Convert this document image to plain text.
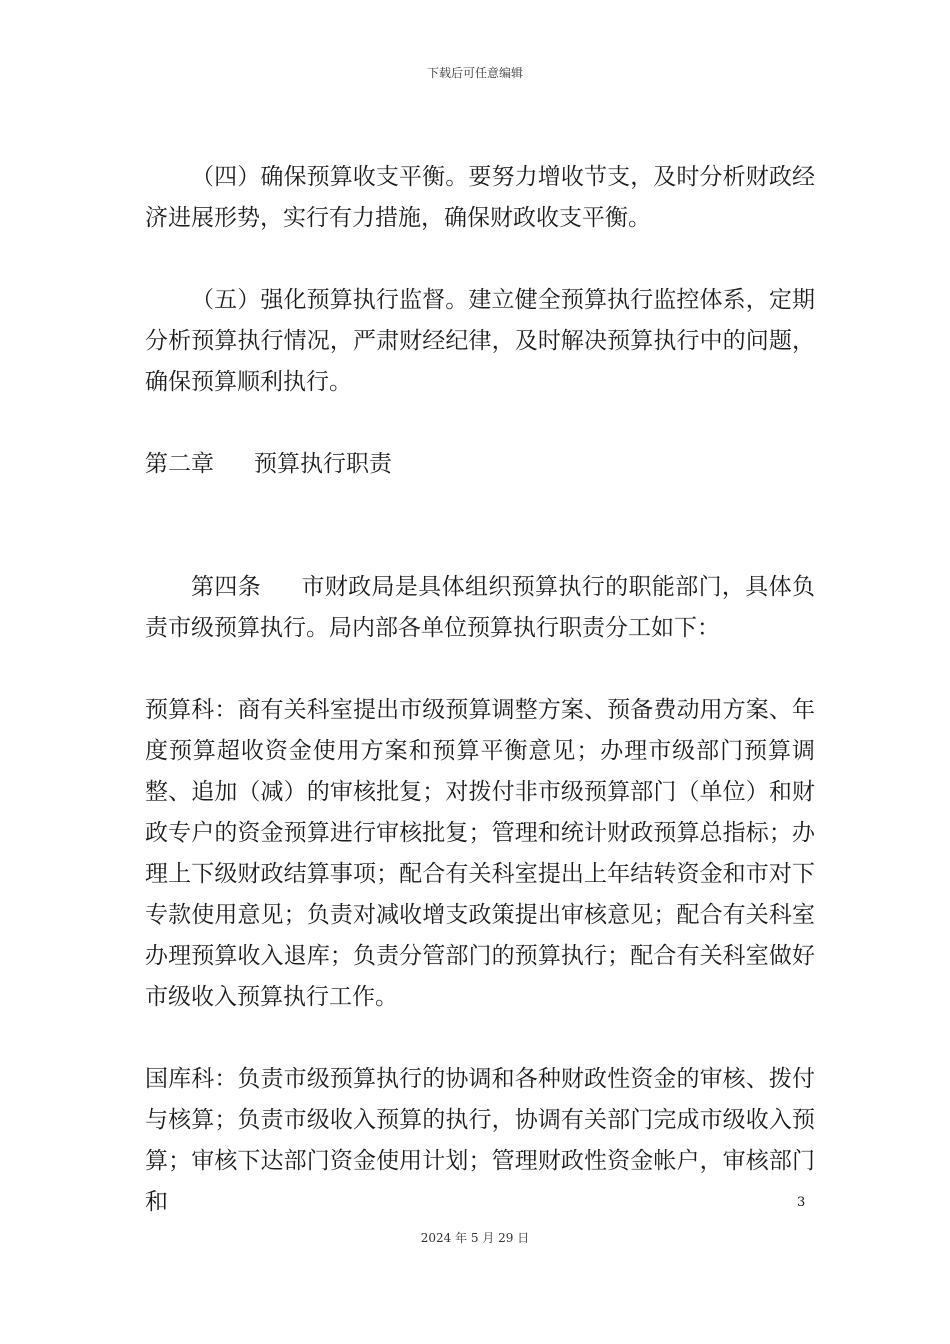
下载后可任意编辑

（四）确保预算收支平衡。要努力增收节支，及时分析财政经济进展形势，实行有力措施，确保财政收支平衡。

（五）强化预算执行监督。建立健全预算执行监控体系，定期分析预算执行情况，严肃财经纪律，及时解决预算执行中的问题，确保预算顺利执行。

第二章 预算执行职责

第四条 市财政局是具体组织预算执行的职能部门，具体负责市级预算执行。局内部各单位预算执行职责分工如下：

预算科：商有关科室提出市级预算调整方案、预备费动用方案、年度预算超收资金使用方案和预算平衡意见；办理市级部门预算调整、追加（减）的审核批复；对拨付非市级预算部门（单位）和财政专户的资金预算进行审核批复；管理和统计财政预算总指标；办理上下级财政结算事项；配合有关科室提出上年结转资金和市对下专款使用意见；负责对减收增支政策提出审核意见；配合有关科室办理预算收入退库；负责分管部门的预算执行；配合有关科室做好市级收入预算执行工作。

国库科：负责市级预算执行的协调和各种财政性资金的审核、拨付与核算；负责市级收入预算的执行，协调有关部门完成市级收入预算；审核下达部门资金使用计划；管理财政性资金帐户，审核部门和	3
2024 年 5 月 29 日
